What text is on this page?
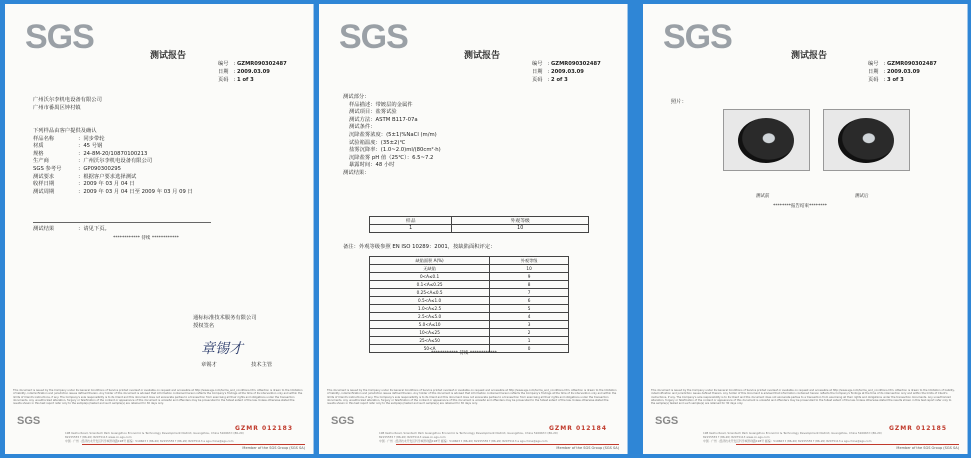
SGS	测试报告
编号 : GZMR090302487
日期 : 2009.03.09
页码 : 1 of 3
广州沃尔李机电设备有限公司
广州市番禺区钟村镇
下列样品由客户提供及确认
样品名称	： 同步带轮
材质	： 45 号钢
规格	： 24-8M-20/10870100213
生产商	： 广州沃尔李机电设备有限公司
SGS 参考号	： GP090300295
测试要求	： 根据客户要求选择测试
收样日期	： 2009 年 03 月 04 日
测试周期	： 2009 年 03 月 04 日至 2009 年 03 月 09 日
测试结果	： 请见下页。
************ 待续 ************
通标标准技术服务有限公司
授权签名
章锡才
章锡才	技术主管
This document is issued by the Company under its General Conditions of Service printed overleaf or available on request and accessible at http://www.sgs.com/terms_and_conditions.htm. Attention is drawn to the limitation of liability, indemnification and jurisdiction issues defined therein. Any holder of this document is advised that information contained hereon reflects the Company's findings at the time of its intervention only and within the limits of Client's instructions, if any. The Company's sole responsibility is to its Client and this document does not exonerate parties to a transaction from exercising all their rights and obligations under the transaction documents. Any unauthorized alteration, forgery or falsification of the content or appearance of this document is unlawful and offenders may be prosecuted to the fullest extent of the law. Unless otherwise stated the results shown in this test report refer only to the sample(s) tested and such sample(s) are retained for 30 days only.
SGS
198 Kezhu Road, Scientech Park Guangzhou Economic & Technology Development District, Guangzhou, China 510663 t (86-20) 82155555 f (86-20) 82075113 www.cn.sgs.com
中国 · 广州 · 经济技术开发区科学城科珠路198号 邮编：510663 t (86-20) 82155555 f (86-20) 82075113 e sgs.china@sgs.com
GZMR 012183
Member of the SGS Group (SGS SA)
SGS	测试报告
编号 : GZMR090302487
日期 : 2009.03.09
页码 : 2 of 3
测试部分：
样品描述：带镀层的金属件
测试项目：盐雾试验
测试方法：ASTM B117-07a
测试条件：
沉降盐雾浓度：(5±1)%NaCl (m/m)
试验箱温度：(35±2)℃
盐雾沉降率：(1.0~2.0)ml/(80cm²·h)
沉降盐雾 pH 值（25℃）：6.5~7.2
暴露时间：48 小时
测试结果：
样品	外观等级
1	10
备注：外观等级参照 EN ISO 10289：2001，按缺陷面积评定：
缺陷面积 A(%)	外观等级
无缺陷	10
0<A≤0.1	9
0.1<A≤0.25	8
0.25<A≤0.5	7
0.5<A≤1.0	6
1.0<A≤2.5	5
2.5<A≤5.0	4
5.0<A≤10	3
10<A≤25	2
25<A≤50	1
50<A	0
************ 待续 ************
This document is issued by the Company under its General Conditions of Service printed overleaf or available on request and accessible at http://www.sgs.com/terms_and_conditions.htm. Attention is drawn to the limitation of liability, indemnification and jurisdiction issues defined therein. Any holder of this document is advised that information contained hereon reflects the Company's findings at the time of its intervention only and within the limits of Client's instructions, if any. The Company's sole responsibility is to its Client and this document does not exonerate parties to a transaction from exercising all their rights and obligations under the transaction documents. Any unauthorized alteration, forgery or falsification of the content or appearance of this document is unlawful and offenders may be prosecuted to the fullest extent of the law. Unless otherwise stated the results shown in this test report refer only to the sample(s) tested and such sample(s) are retained for 30 days only.
SGS
198 Kezhu Road, Scientech Park Guangzhou Economic & Technology Development District, Guangzhou, China 510663 t (86-20) 82155555 f (86-20) 82075113 www.cn.sgs.com
中国 · 广州 · 经济技术开发区科学城科珠路198号 邮编：510663 t (86-20) 82155555 f (86-20) 82075113 e sgs.china@sgs.com
GZMR 012184
Member of the SGS Group (SGS SA)
SGS	测试报告
编号 : GZMR090302487
日期 : 2009.03.09
页码 : 3 of 3
照片：
测试前	测试后
********报告结束********
This document is issued by the Company under its General Conditions of Service printed overleaf or available on request and accessible at http://www.sgs.com/terms_and_conditions.htm. Attention is drawn to the limitation of liability, indemnification and jurisdiction issues defined therein. Any holder of this document is advised that information contained hereon reflects the Company's findings at the time of its intervention only and within the limits of Client's instructions, if any. The Company's sole responsibility is to its Client and this document does not exonerate parties to a transaction from exercising all their rights and obligations under the transaction documents. Any unauthorized alteration, forgery or falsification of the content or appearance of this document is unlawful and offenders may be prosecuted to the fullest extent of the law. Unless otherwise stated the results shown in this test report refer only to the sample(s) tested and such sample(s) are retained for 30 days only.
SGS
198 Kezhu Road, Scientech Park Guangzhou Economic & Technology Development District, Guangzhou, China 510663 t (86-20) 82155555 f (86-20) 82075113 www.cn.sgs.com
中国 · 广州 · 经济技术开发区科学城科珠路198号 邮编：510663 t (86-20) 82155555 f (86-20) 82075113 e sgs.china@sgs.com
GZMR 012185
Member of the SGS Group (SGS SA)
